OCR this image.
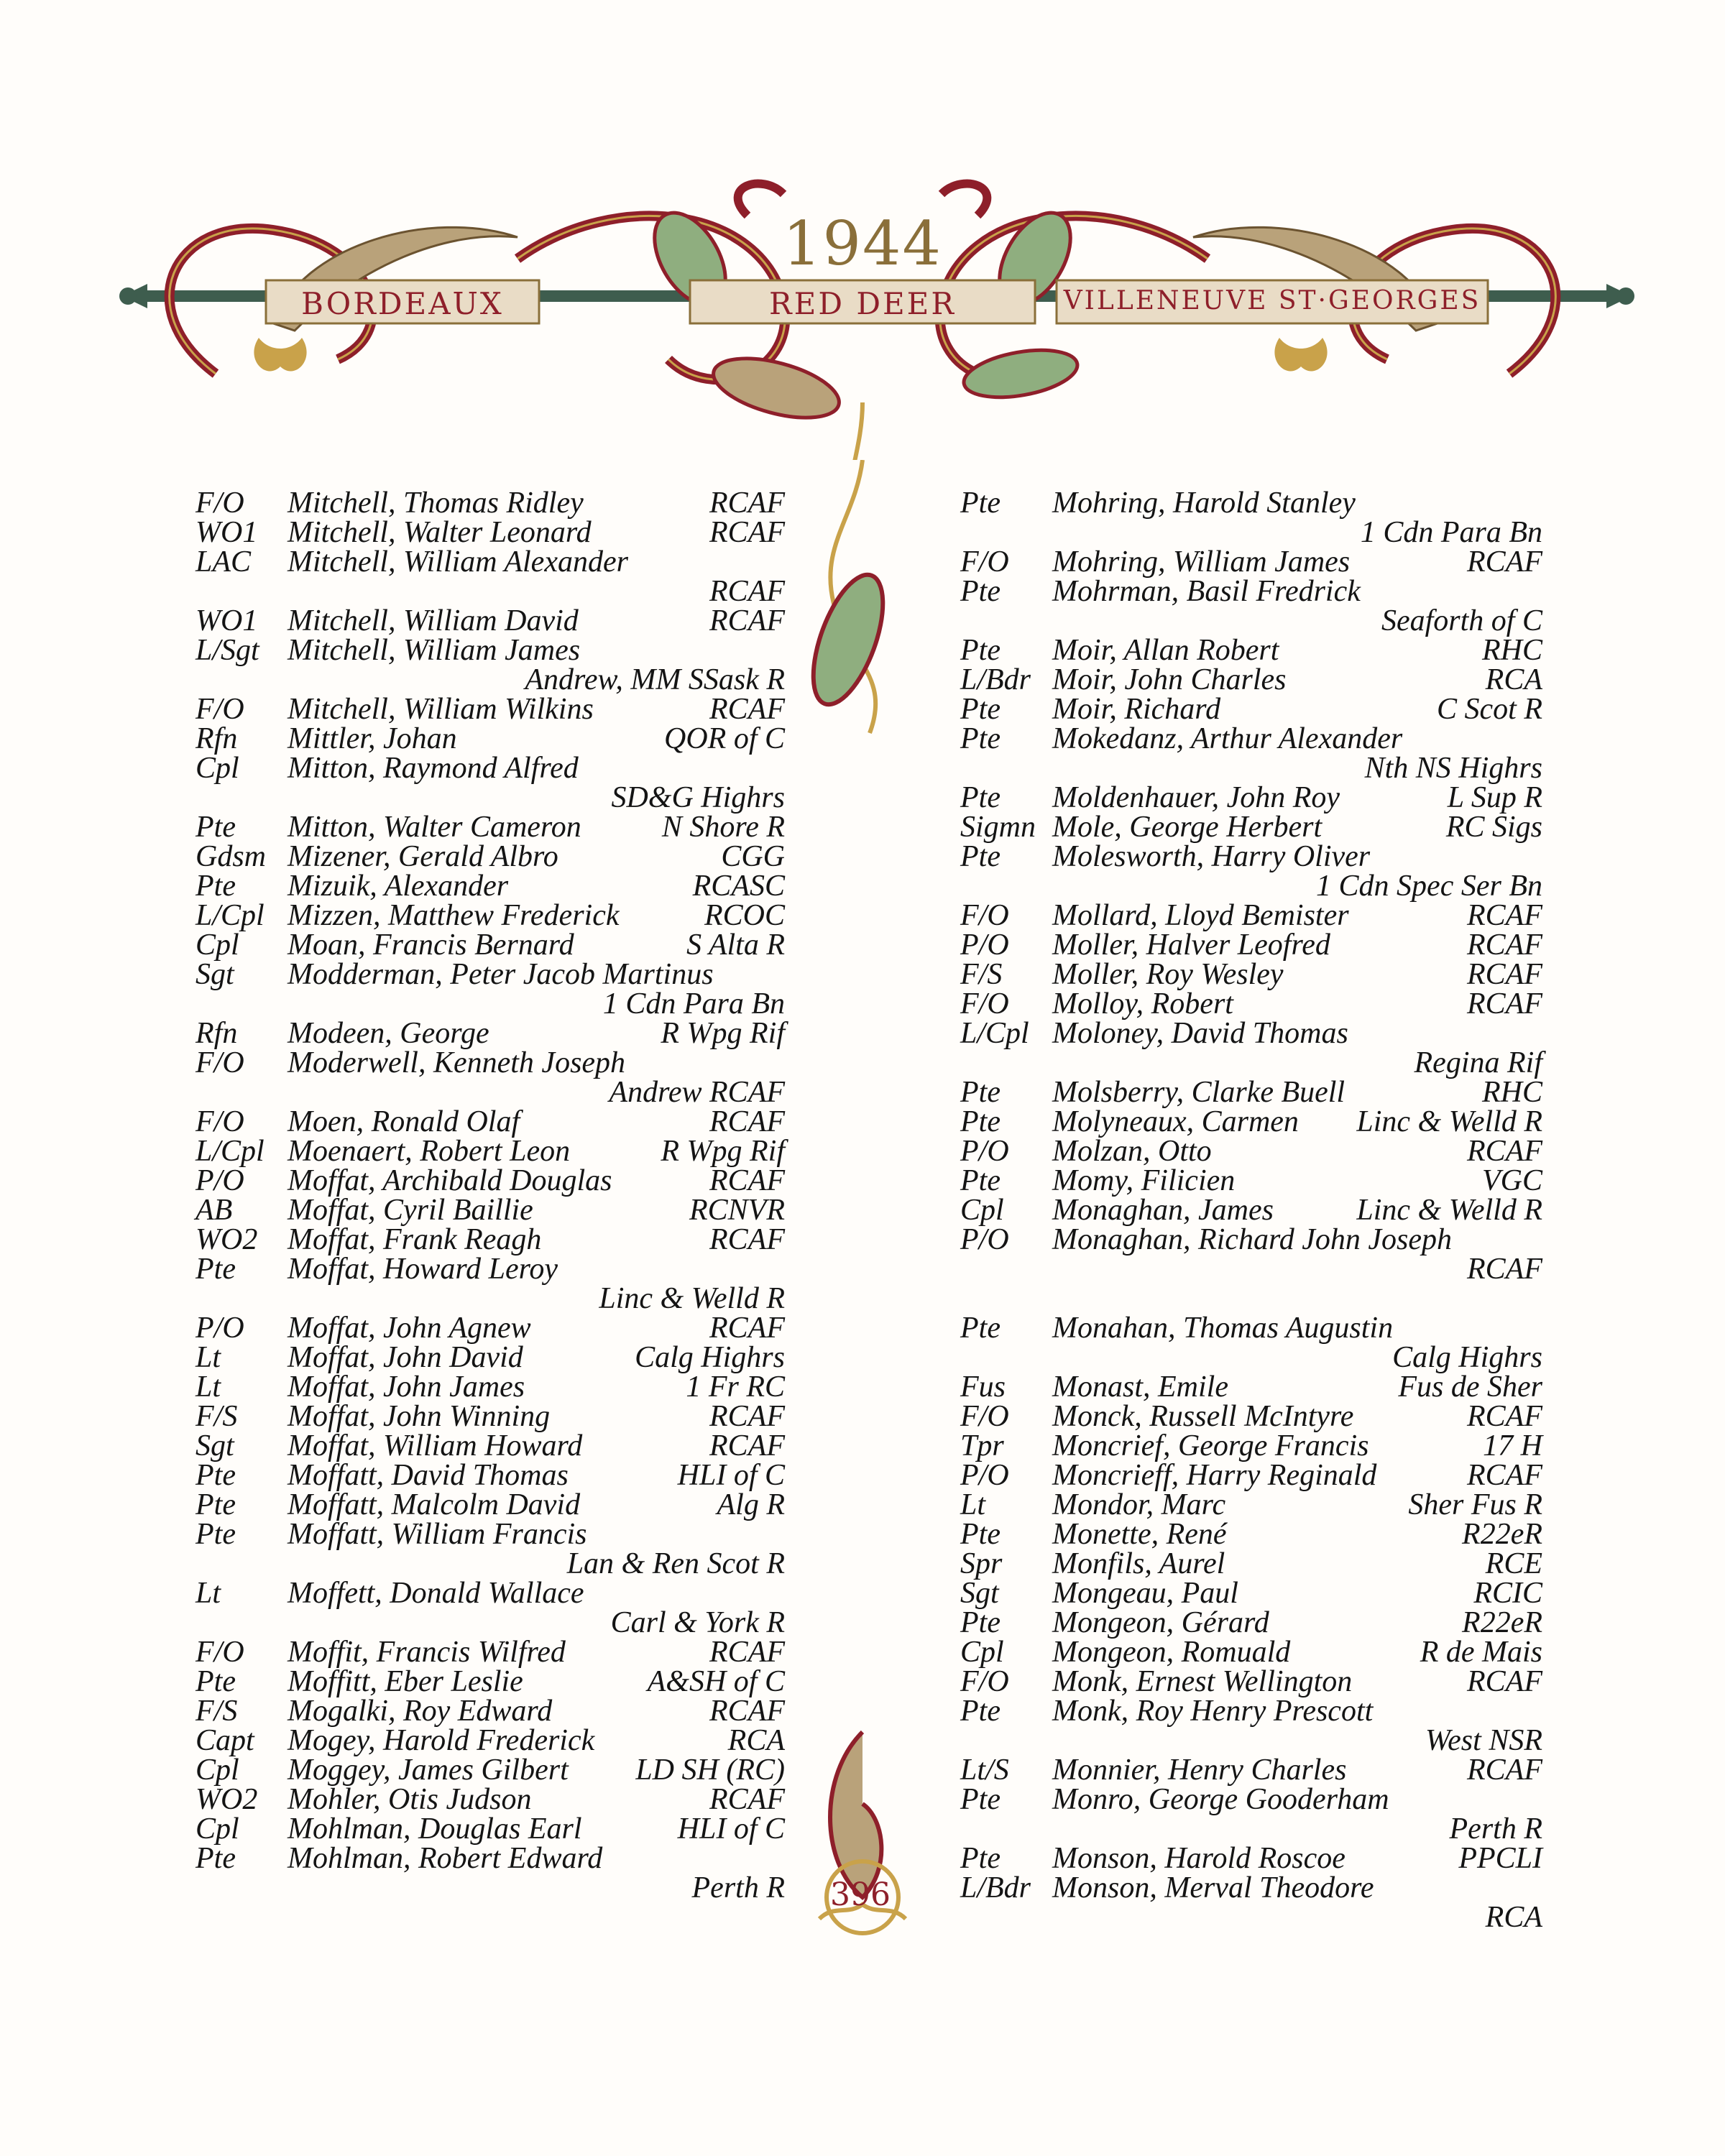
1944
BORDEAUX	RED DEER	VILLENEUVE ST·GEORGES
F/O	Mitchell, Thomas Ridley	RCAF
WO1 Mitchell, Walter Leonard	RCAF
LAC	Mitchell, William Alexander
RCAF
WO1 Mitchell, William David	RCAF
L/Sgt Mitchell, William James
Andrew, MM SSask R
F/O	Mitchell, William Wilkins	RCAF
Rfn	Mittler, Johan	QOR of C
Cpl	Mitton, Raymond Alfred
SD&G Highrs
Pte	Mitton, Walter Cameron	N Shore R
Gdsm Mizener, Gerald Albro	CGG
Pte	Mizuik, Alexander	RCASC
L/Cpl Mizzen, Matthew Frederick	RCOC
Cpl	Moan, Francis Bernard	S Alta R
Sgt	Modderman, Peter Jacob Martinus
1 Cdn Para Bn
Rfn	Modeen, George	R Wpg Rif
F/O	Moderwell, Kenneth Joseph
Andrew RCAF
F/O	Moen, Ronald Olaf	RCAF
L/Cpl Moenaert, Robert Leon	R Wpg Rif
P/O	Moffat, Archibald Douglas	RCAF
AB	Moffat, Cyril Baillie	RCNVR
WO2 Moffat, Frank Reagh	RCAF
Pte	Moffat, Howard Leroy
Linc & Welld R
P/O	Moffat, John Agnew	RCAF
Lt	Moffat, John David	Calg Highrs
Lt	Moffat, John James	1 Fr RC
F/S	Moffat, John Winning	RCAF
Sgt	Moffat, William Howard	RCAF
Pte	Moffatt, David Thomas	HLI of C
Pte	Moffatt, Malcolm David	Alg R
Pte	Moffatt, William Francis
Lan & Ren Scot R
Lt	Moffett, Donald Wallace
Carl & York R
F/O	Moffit, Francis Wilfred	RCAF
Pte	Moffitt, Eber Leslie	A&SH of C
F/S	Mogalki, Roy Edward	RCAF
Capt	Mogey, Harold Frederick	RCA
Cpl	Moggey, James Gilbert	LD SH (RC)
WO2 Mohler, Otis Judson	RCAF
Cpl	Mohlman, Douglas Earl	HLI of C
Pte	Mohlman, Robert Edward
Perth R
Pte	Mohring, Harold Stanley
1 Cdn Para Bn
F/O	Mohring, William James	RCAF
Pte	Mohrman, Basil Fredrick
Seaforth of C
Pte	Moir, Allan Robert	RHC
L/Bdr Moir, John Charles	RCA
Pte	Moir, Richard	C Scot R
Pte	Mokedanz, Arthur Alexander
Nth NS Highrs
Pte	Moldenhauer, John Roy	L Sup R
Sigmn Mole, George Herbert	RC Sigs
Pte	Molesworth, Harry Oliver
1 Cdn Spec Ser Bn
F/O	Mollard, Lloyd Bemister	RCAF
P/O	Moller, Halver Leofred	RCAF
F/S	Moller, Roy Wesley	RCAF
F/O	Molloy, Robert	RCAF
L/Cpl Moloney, David Thomas
Regina Rif
Pte	Molsberry, Clarke Buell	RHC
Pte	Molyneaux, Carmen	Linc & Welld R
P/O	Molzan, Otto	RCAF
Pte	Momy, Filicien	VGC
Cpl	Monaghan, James	Linc & Welld R
P/O	Monaghan, Richard John Joseph
RCAF
Pte	Monahan, Thomas Augustin
Calg Highrs
Fus	Monast, Emile	Fus de Sher
F/O	Monck, Russell McIntyre	RCAF
Tpr	Moncrief, George Francis	17 H
P/O	Moncrieff, Harry Reginald	RCAF
Lt	Mondor, Marc	Sher Fus R
Pte	Monette, René	R22eR
Spr	Monfils, Aurel	RCE
Sgt	Mongeau, Paul	RCIC
Pte	Mongeon, Gérard	R22eR
Cpl	Mongeon, Romuald	R de Mais
F/O	Monk, Ernest Wellington	RCAF
Pte	Monk, Roy Henry Prescott
West NSR
Lt/S	Monnier, Henry Charles	RCAF
Pte	Monro, George Gooderham
Perth R
Pte	Monson, Harold Roscoe	PPCLI
L/Bdr Monson, Merval Theodore
RCA
396
